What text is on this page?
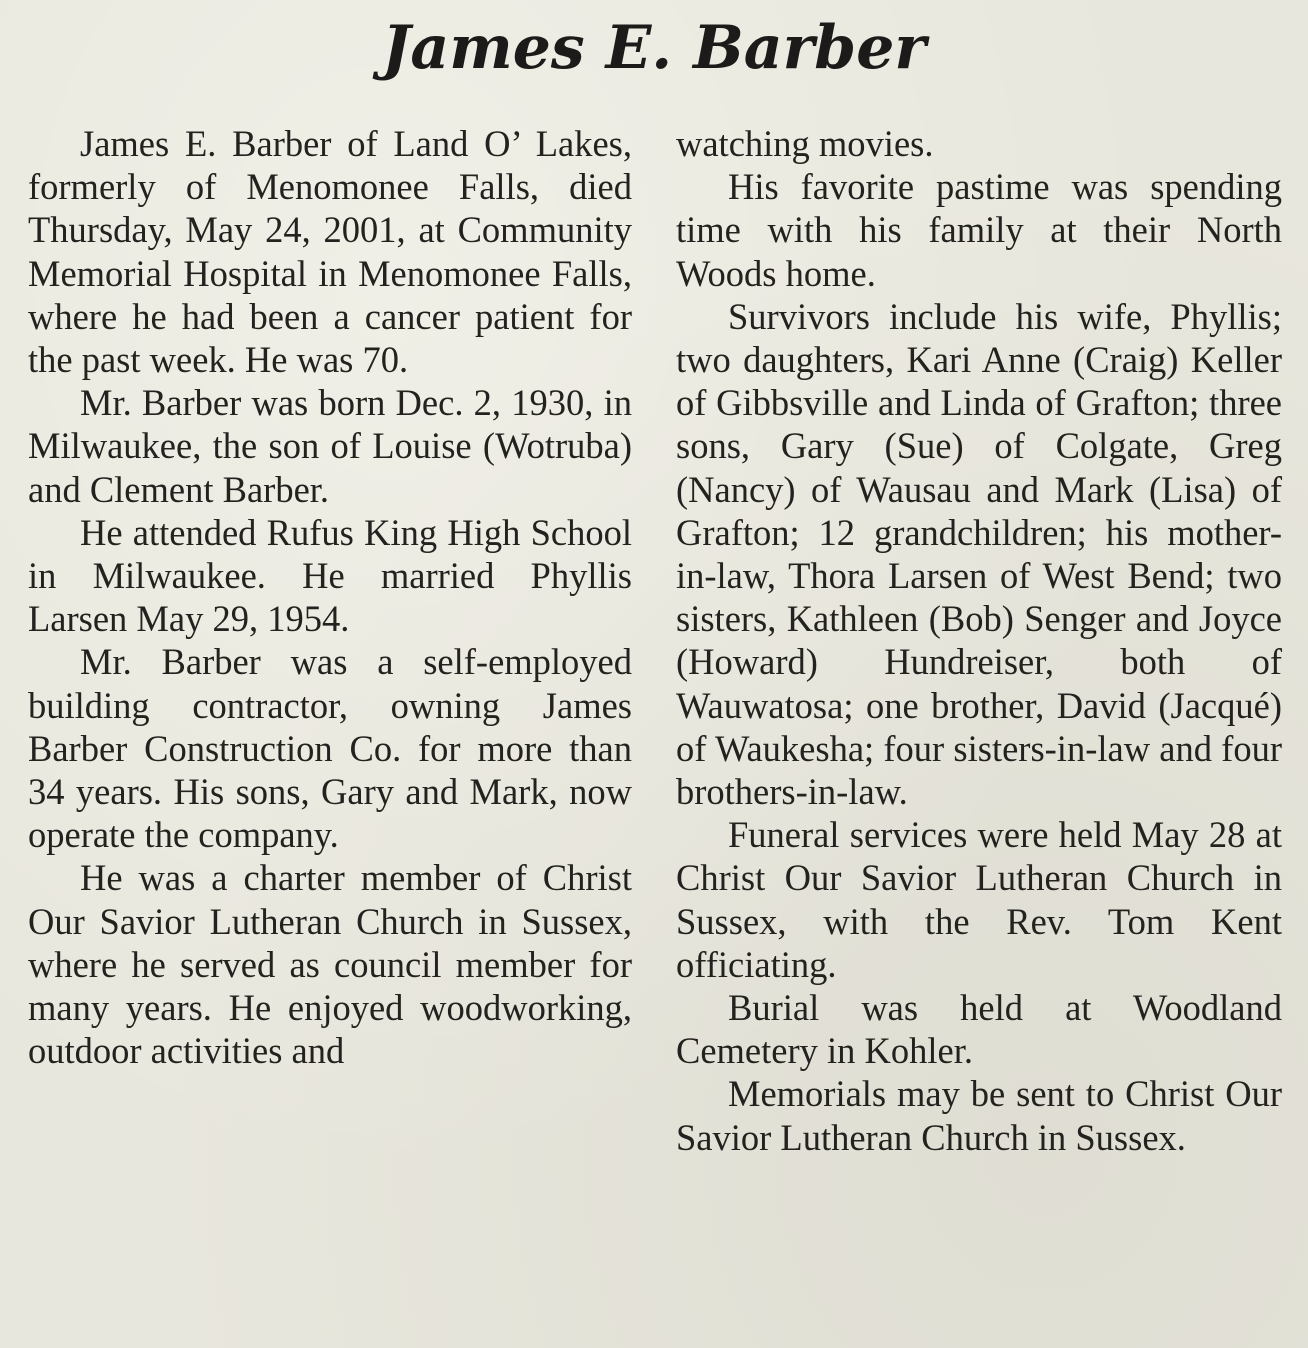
James E. Barber

James E. Barber of Land O’ Lakes, formerly of Menomonee Falls, died Thursday, May 24, 2001, at Community Memorial Hospital in Menomonee Falls, where he had been a cancer patient for the past week. He was 70.

Mr. Barber was born Dec. 2, 1930, in Milwaukee, the son of Louise (Wotruba) and Clement Barber.

He attended Rufus King High School in Milwaukee. He married Phyllis Larsen May 29, 1954.

Mr. Barber was a self-employed building contractor, owning James Barber Construction Co. for more than 34 years. His sons, Gary and Mark, now operate the company.

He was a charter member of Christ Our Savior Lutheran Church in Sussex, where he served as council member for many years. He enjoyed woodworking, outdoor activities and

watching movies.

His favorite pastime was spending time with his family at their North Woods home.

Survivors include his wife, Phyllis; two daughters, Kari Anne (Craig) Keller of Gibbsville and Linda of Grafton; three sons, Gary (Sue) of Colgate, Greg (Nancy) of Wausau and Mark (Lisa) of Grafton; 12 grandchildren; his mother-in-law, Thora Larsen of West Bend; two sisters, Kathleen (Bob) Senger and Joyce (Howard) Hundreiser, both of Wauwatosa; one brother, David (Jacqué) of Waukesha; four sisters-in-law and four brothers-in-law.

Funeral services were held May 28 at Christ Our Savior Lutheran Church in Sussex, with the Rev. Tom Kent officiating.

Burial was held at Woodland Cemetery in Kohler.

Memorials may be sent to Christ Our Savior Lutheran Church in Sussex.
